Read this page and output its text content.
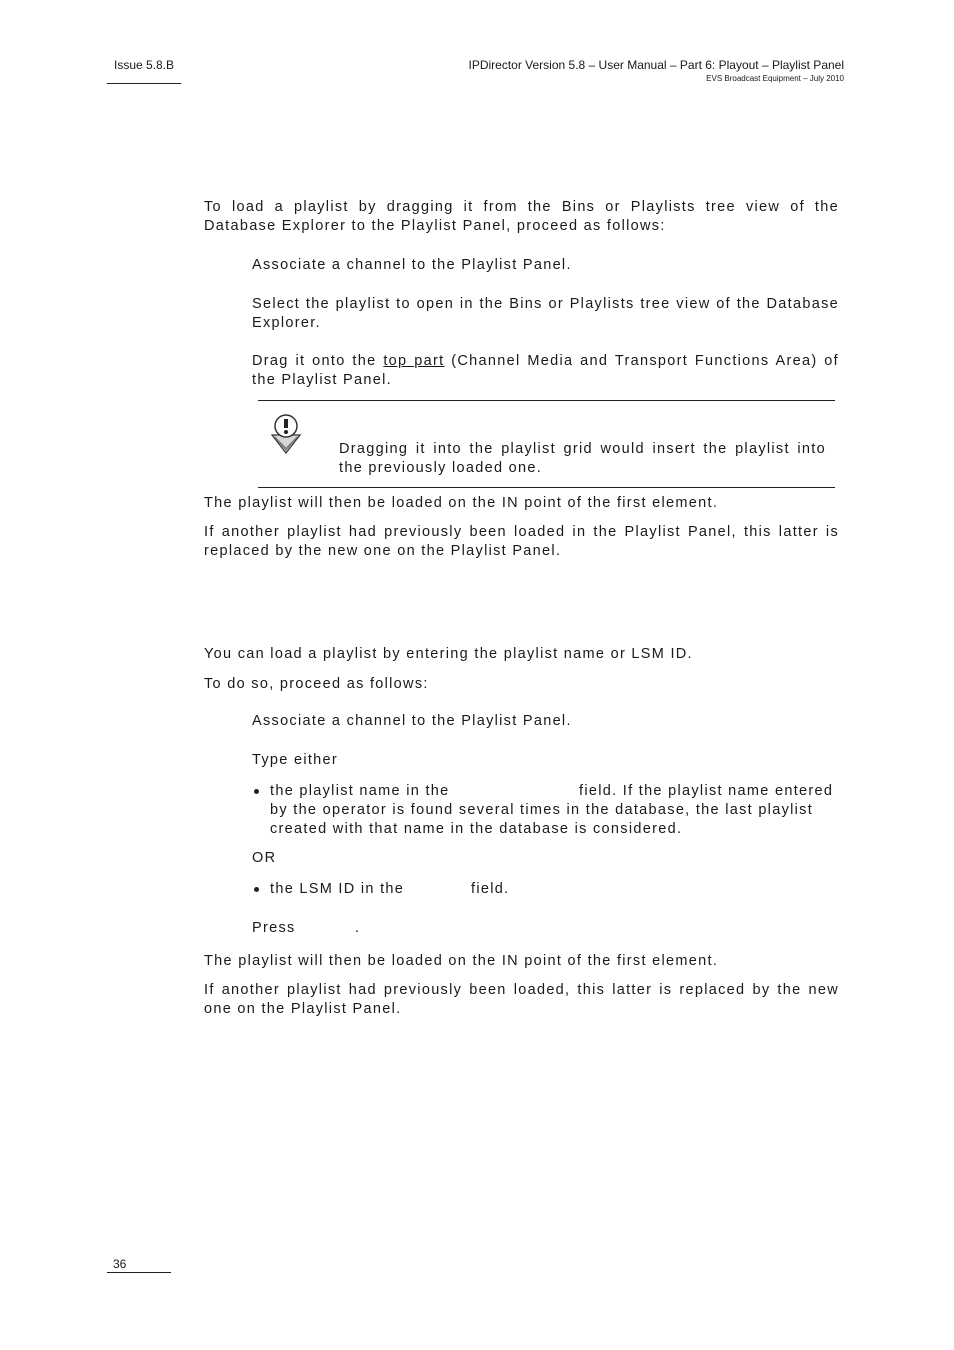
Issue 5.8.B	IPDirector Version 5.8 – User Manual – Part 6: Playout – Playlist Panel
EVS Broadcast Equipment – July 2010
To load a playlist by dragging it from the Bins or Playlists tree view of the Database Explorer to the Playlist Panel, proceed as follows:
Associate a channel to the Playlist Panel.
Select the playlist to open in the Bins or Playlists tree view of the Database Explorer.
Drag it onto the top part (Channel Media and Transport Functions Area) of the Playlist Panel.
Dragging it into the playlist grid would insert the playlist into the previously loaded one.
The playlist will then be loaded on the IN point of the first element.
If another playlist had previously been loaded in the Playlist Panel, this latter is replaced by the new one on the Playlist Panel.
You can load a playlist by entering the playlist name or LSM ID.
To do so, proceed as follows:
Associate a channel to the Playlist Panel.
Type either
the playlist name in the	field. If the playlist name entered by the operator is found several times in the database, the last playlist created with that name in the database is considered.
OR
the LSM ID in the	field.
Press	.
The playlist will then be loaded on the IN point of the first element.
If another playlist had previously been loaded, this latter is replaced by the new one on the Playlist Panel.
36
